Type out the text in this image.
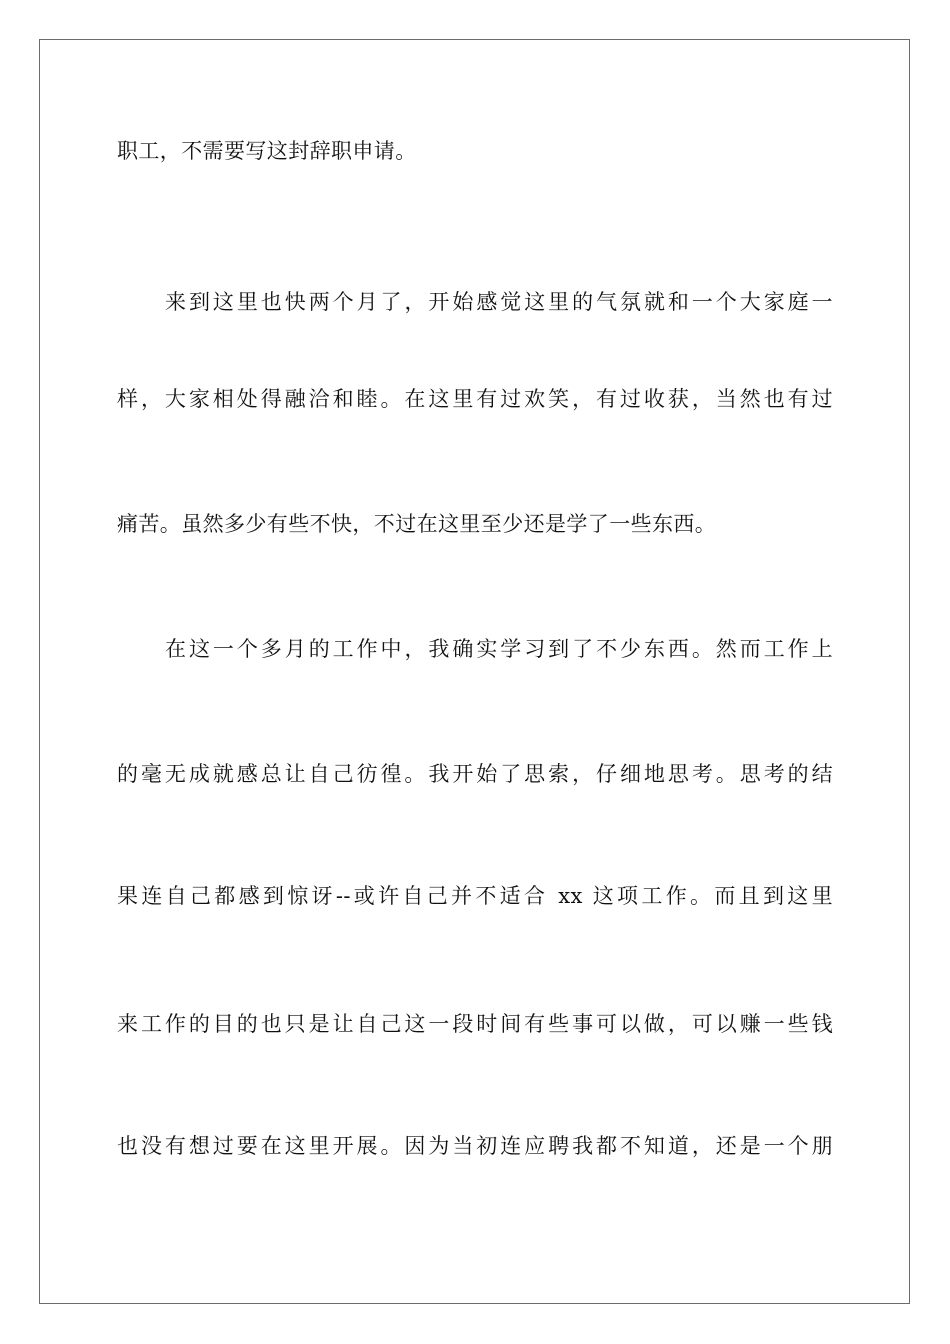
职工，不需要写这封辞职申请。
来到这里也快两个月了，开始感觉这里的气氛就和一个大家庭一
样，大家相处得融洽和睦。在这里有过欢笑，有过收获，当然也有过
痛苦。虽然多少有些不快，不过在这里至少还是学了一些东西。
在这一个多月的工作中，我确实学习到了不少东西。然而工作上
的毫无成就感总让自己彷徨。我开始了思索，仔细地思考。思考的结
果连自己都感到惊讶--或许自己并不适合 xx 这项工作。而且到这里
来工作的目的也只是让自己这一段时间有些事可以做，可以赚一些钱
也没有想过要在这里开展。因为当初连应聘我都不知道，还是一个朋
